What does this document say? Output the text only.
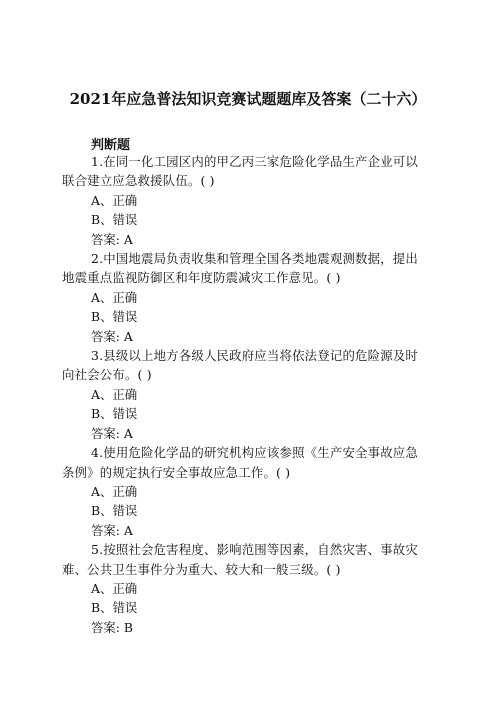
2021年应急普法知识竞赛试题题库及答案（二十六）
判断题
1.在同一化工园区内的甲乙丙三家危险化学品生产企业可以
联合建立应急救援队伍。( )
A、正确
B、错误
答案: A
2.中国地震局负责收集和管理全国各类地震观测数据，提出
地震重点监视防御区和年度防震减灾工作意见。( )
A、正确
B、错误
答案: A
3.县级以上地方各级人民政府应当将依法登记的危险源及时
向社会公布。( )
A、正确
B、错误
答案: A
4.使用危险化学品的研究机构应该参照《生产安全事故应急
条例》的规定执行安全事故应急工作。( )
A、正确
B、错误
答案: A
5.按照社会危害程度、影响范围等因素，自然灾害、事故灾
难、公共卫生事件分为重大、较大和一般三级。( )
A、正确
B、错误
答案: B
